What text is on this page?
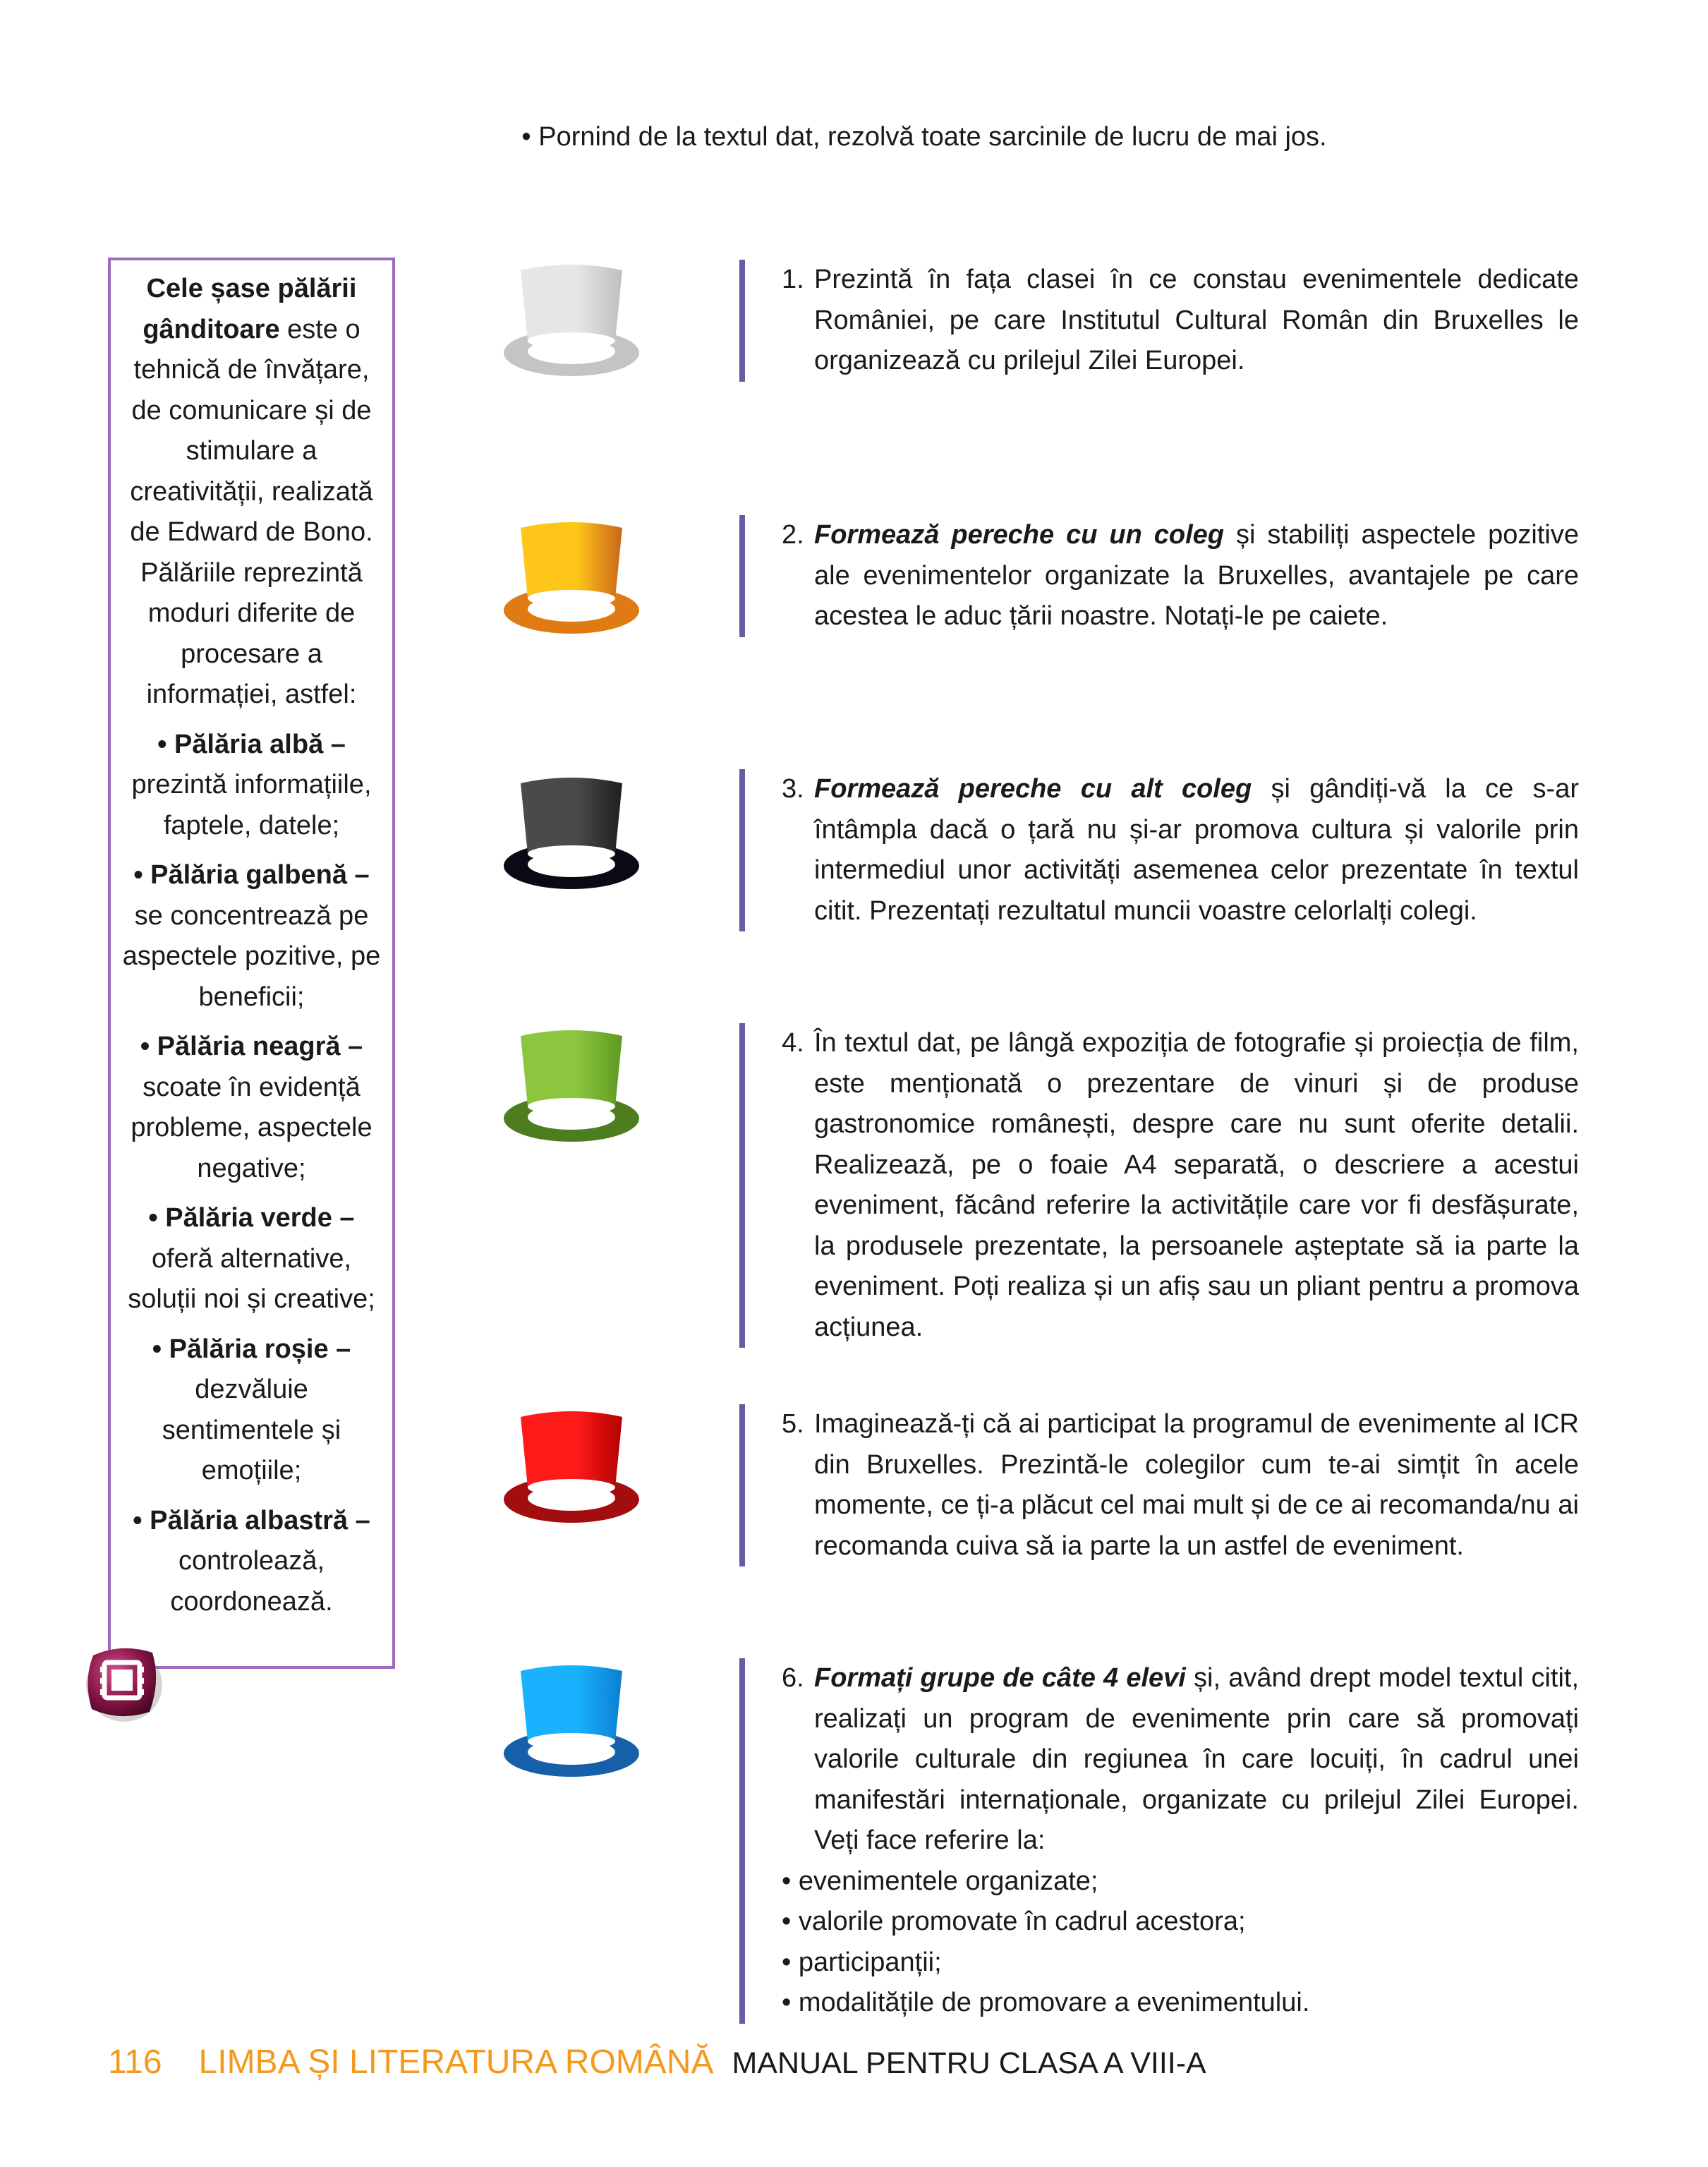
• Pornind de la textul dat, rezolvă toate sarcinile de lucru de mai jos.

Cele șase pălării gânditoare este o tehnică de învățare, de comunicare și de stimulare a creativității, realizată de Edward de Bono. Pălăriile reprezintă moduri diferite de procesare a informației, astfel:

• Pălăria albă –
prezintă informațiile, faptele, datele;

• Pălăria galbenă –
se concentrează pe aspectele pozitive, pe beneficii;

• Pălăria neagră –
scoate în evidență probleme, aspectele negative;

• Pălăria verde –
oferă alternative, soluții noi și creative;

• Pălăria roșie –
dezvăluie sentimentele și emoțiile;

• Pălăria albastră –
controlează, coordonează.

1. Prezintă în fața clasei în ce constau evenimentele dedicate României, pe care Institutul Cultural Român din Bruxelles le organizează cu prilejul Zilei Europei.
2. Formează pereche cu un coleg și stabiliți aspectele pozitive ale evenimentelor organizate la Bruxelles, avantajele pe care acestea le aduc țării noastre. Notați-le pe caiete.
3. Formează pereche cu alt coleg și gândiți-vă la ce s-ar întâmpla dacă o țară nu și-ar promova cultura și valorile prin intermediul unor activități asemenea celor prezentate în textul citit. Prezentați rezultatul muncii voastre celorlalți colegi.
4. În textul dat, pe lângă expoziția de fotografie și proiecția de film, este menționată o prezentare de vinuri și de produse gastronomice românești, despre care nu sunt oferite detalii. Realizează, pe o foaie A4 separată, o descriere a acestui eveniment, făcând referire la activitățile care vor fi desfășurate, la produsele prezentate, la persoanele așteptate să ia parte la eveniment. Poți realiza și un afiș sau un pliant pentru a promova acțiunea.
5. Imaginează-ți că ai participat la programul de evenimente al ICR din Bruxelles. Prezintă-le colegilor cum te-ai simțit în acele momente, ce ți-a plăcut cel mai mult și de ce ai recomanda/nu ai recomanda cuiva să ia parte la un astfel de eveniment.
6. Formați grupe de câte 4 elevi și, având drept model textul citit, realizați un program de evenimente prin care să promovați valorile culturale din regiunea în care locuiți, în cadrul unei manifestări internaționale, organizate cu prilejul Zilei Europei. Veți face referire la:
• evenimentele organizate;
• valorile promovate în cadrul acestora;
• participanții;
• modalitățile de promovare a evenimentului.
116 LIMBA ȘI LITERATURA ROMÂNĂ MANUAL PENTRU CLASA A VIII-A
